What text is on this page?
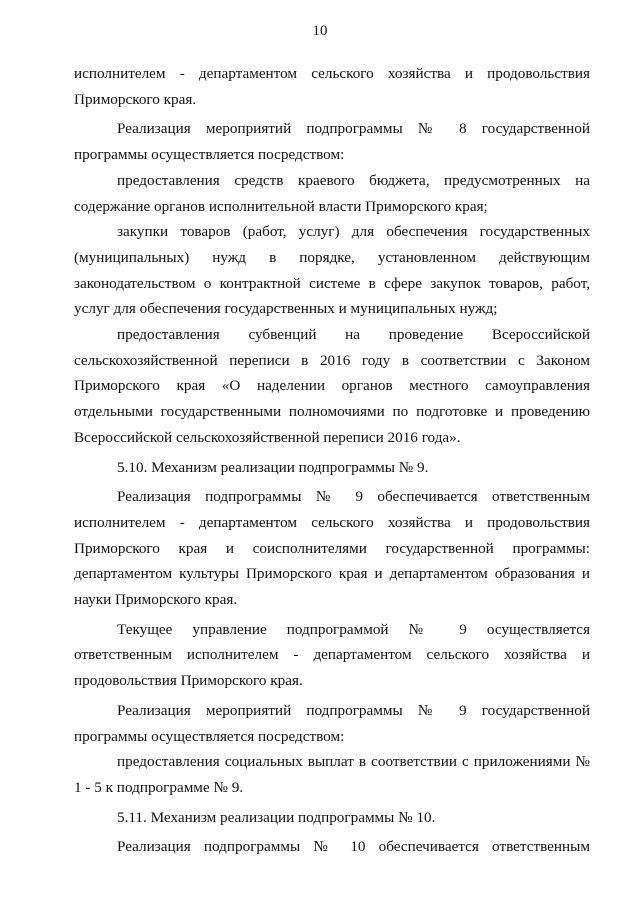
10

исполнителем - департаментом сельского хозяйства и продовольствия Приморского края.

Реализация мероприятий подпрограммы № 8 государственной программы осуществляется посредством:

предоставления средств краевого бюджета, предусмотренных на содержание органов исполнительной власти Приморского края;

закупки товаров (работ, услуг) для обеспечения государственных (муниципальных) нужд в порядке, установленном действующим законодательством о контрактной системе в сфере закупок товаров, работ, услуг для обеспечения государственных и муниципальных нужд;

предоставления субвенций на проведение Всероссийской сельскохозяйственной переписи в 2016 году в соответствии с Законом Приморского края «О наделении органов местного самоуправления отдельными государственными полномочиями по подготовке и проведению Всероссийской сельскохозяйственной переписи 2016 года».

5.10. Механизм реализации подпрограммы № 9.

Реализация подпрограммы № 9 обеспечивается ответственным исполнителем - департаментом сельского хозяйства и продовольствия Приморского края и соисполнителями государственной программы: департаментом культуры Приморского края и департаментом образования и науки Приморского края.

Текущее управление подпрограммой № 9 осуществляется ответственным исполнителем - департаментом сельского хозяйства и продовольствия Приморского края.

Реализация мероприятий подпрограммы № 9 государственной программы осуществляется посредством:

предоставления социальных выплат в соответствии с приложениями № 1 - 5 к подпрограмме № 9.

5.11. Механизм реализации подпрограммы № 10.

Реализация подпрограммы № 10 обеспечивается ответственным
